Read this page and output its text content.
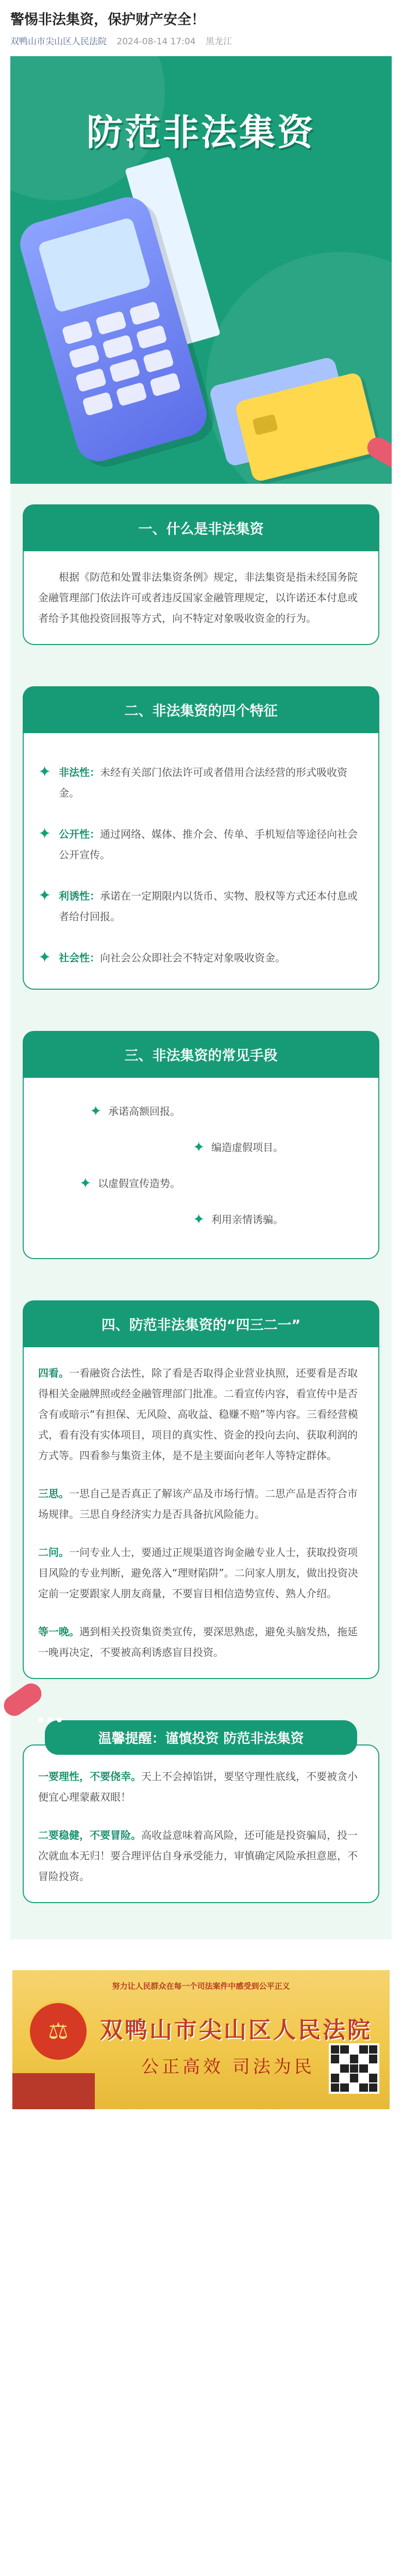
警惕非法集资，保护财产安全！
双鸭山市尖山区人民法院 2024-08-14 17:04 黑龙江
防范非法集资
一、什么是非法集资

根据《防范和处置非法集资条例》规定，非法集资是指未经国务院金融管理部门依法许可或者违反国家金融管理规定，以许诺还本付息或者给予其他投资回报等方式，向不特定对象吸收资金的行为。

二、非法集资的四个特征
✦ 非法性：未经有关部门依法许可或者借用合法经营的形式吸收资金。
✦ 公开性：通过网络、媒体、推介会、传单、手机短信等途径向社会公开宣传。
✦ 利诱性：承诺在一定期限内以货币、实物、股权等方式还本付息或者给付回报。
✦ 社会性：向社会公众即社会不特定对象吸收资金。
三、非法集资的常见手段
✦ 承诺高额回报。
✦ 编造虚假项目。
✦ 以虚假宣传造势。
✦ 利用亲情诱骗。
四、防范非法集资的“四三二一”

四看。一看融资合法性，除了看是否取得企业营业执照，还要看是否取得相关金融牌照或经金融管理部门批准。二看宣传内容，看宣传中是否含有或暗示“有担保、无风险、高收益、稳赚不赔”等内容。三看经营模式，看有没有实体项目，项目的真实性、资金的投向去向、获取利润的方式等。四看参与集资主体，是不是主要面向老年人等特定群体。

三思。一思自己是否真正了解该产品及市场行情。二思产品是否符合市场规律。三思自身经济实力是否具备抗风险能力。

二问。一问专业人士，要通过正规渠道咨询金融专业人士，获取投资项目风险的专业判断，避免落入“理财陷阱”。二问家人朋友，做出投资决定前一定要跟家人朋友商量，不要盲目相信造势宣传、熟人介绍。

等一晚。遇到相关投资集资类宣传，要深思熟虑，避免头脑发热，拖延一晚再决定，不要被高利诱惑盲目投资。

温馨提醒：谨慎投资 防范非法集资

一要理性，不要侥幸。天上不会掉馅饼，要坚守理性底线，不要被贪小便宜心理蒙蔽双眼！

二要稳健，不要冒险。高收益意味着高风险，还可能是投资骗局，投一次就血本无归！要合理评估自身承受能力，审慎确定风险承担意愿，不冒险投资。

努力让人民群众在每一个司法案件中感受到公平正义
⚖	双鸭山市尖山区人民法院
公正高效 司法为民
